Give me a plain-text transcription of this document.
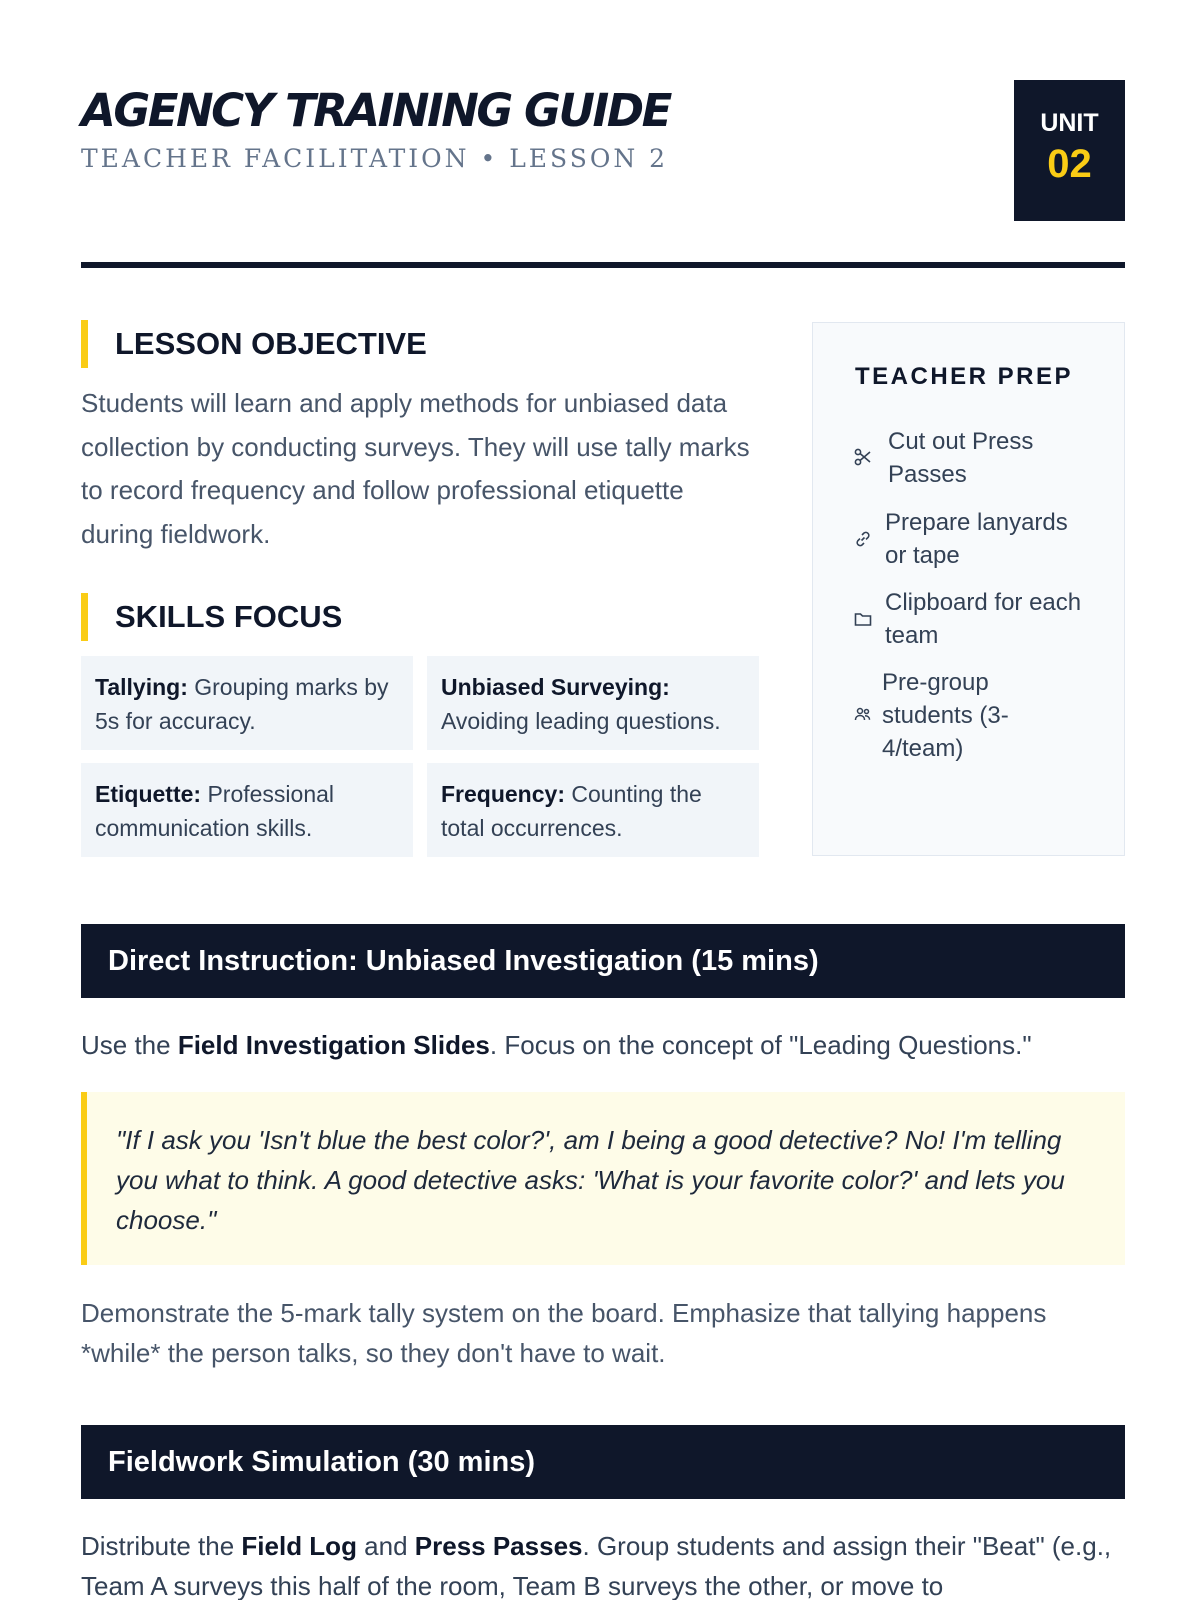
AGENCY TRAINING GUIDE
TEACHER FACILITATION • LESSON 2
UNIT
02
LESSON OBJECTIVE
Students will learn and apply methods for unbiased data collection by conducting surveys. They will use tally marks to record frequency and follow professional etiquette during fieldwork.
SKILLS FOCUS
Tallying: Grouping marks by 5s for accuracy.
Unbiased Surveying: Avoiding leading questions.
Etiquette: Professional communication skills.
Frequency: Counting the total occurrences.
TEACHER PREP
Cut out Press Passes
Prepare lanyards or tape
Clipboard for each team
Pre-group students (3-4/team)
Direct Instruction: Unbiased Investigation (15 mins)
Use the Field Investigation Slides. Focus on the concept of "Leading Questions."
"If I ask you 'Isn't blue the best color?', am I being a good detective? No! I'm telling you what to think. A good detective asks: 'What is your favorite color?' and lets you choose."
Demonstrate the 5-mark tally system on the board. Emphasize that tallying happens *while* the person talks, so they don't have to wait.
Fieldwork Simulation (30 mins)
Distribute the Field Log and Press Passes. Group students and assign their "Beat" (e.g., Team A surveys this half of the room, Team B surveys the other, or move to
